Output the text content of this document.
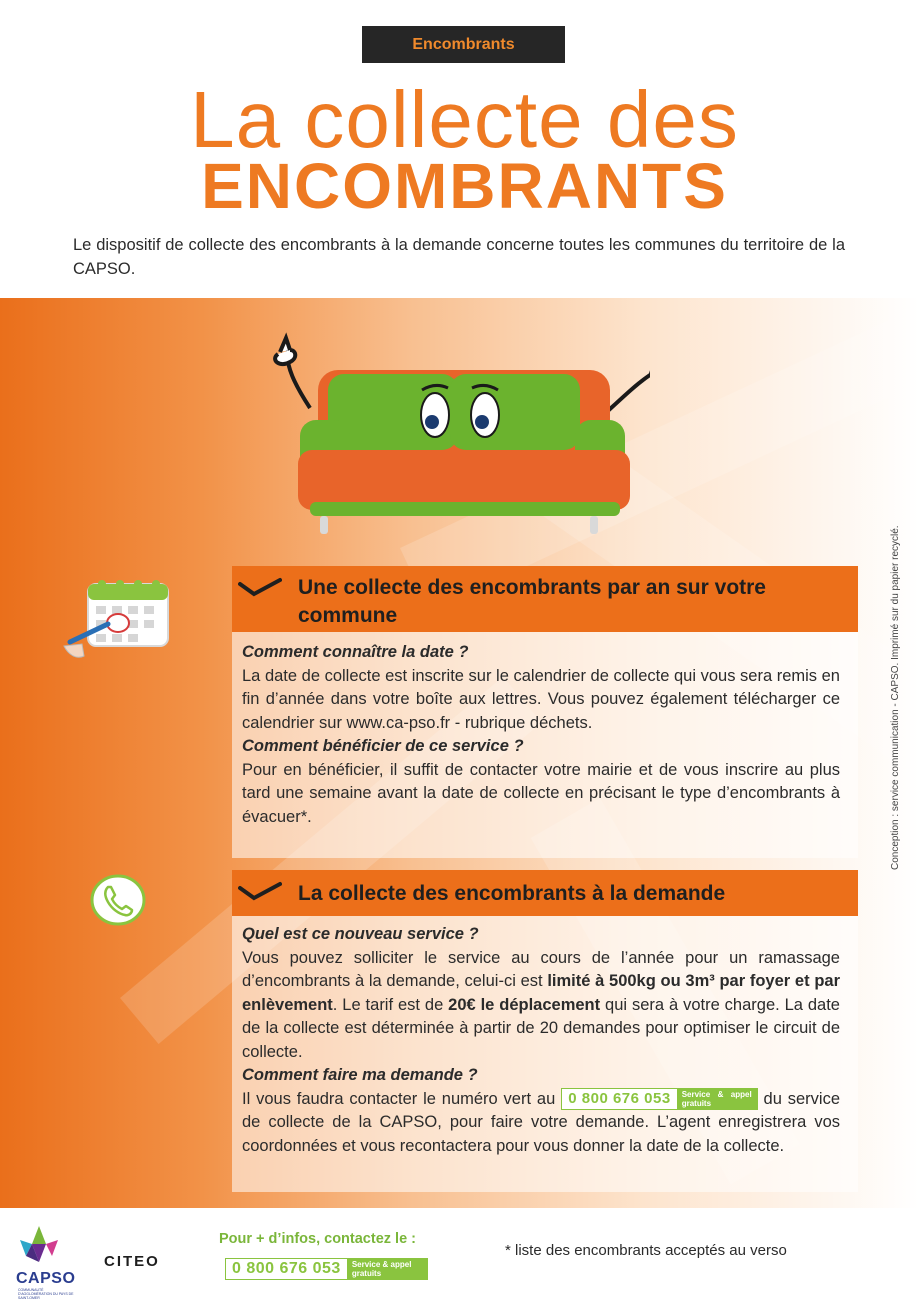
Encombrants
La collecte des
ENCOMBRANTS

Le dispositif de collecte des encombrants à la demande concerne toutes les communes du territoire de la CAPSO.

Une collecte des encombrants par an sur votre commune
Comment connaître la date ?
La date de collecte est inscrite sur le calendrier de collecte qui vous sera remis en fin d’année dans votre boîte aux lettres. Vous pouvez également télécharger ce calendrier sur www.ca-pso.fr - rubrique déchets.
Comment bénéficier de ce service ?
Pour en bénéficier, il suffit de contacter votre mairie et de vous inscrire au plus tard une semaine avant la date de collecte en précisant le type d’encombrants à évacuer*.
La collecte des encombrants à la demande
Quel est ce nouveau service ?
Vous pouvez solliciter le service au cours de l’année pour un ramassage d’encombrants à la demande, celui-ci est limité à 500kg ou 3m³ par foyer et par enlèvement. Le tarif est de 20€ le déplacement qui sera à votre charge. La date de la collecte est déterminée à partir de 20 demandes pour optimiser le circuit de collecte.
Comment faire ma demande ?
Il vous faudra contacter le numéro vert au 0 800 676 053	Service & appel gratuits	du service de collecte de la CAPSO, pour faire votre demande. L’agent enregistrera vos coordonnées et vous recontactera pour vous donner la date de la collecte.
Conception : service communication - CAPSO. Imprimé sur du papier recyclé.
CAPSO
COMMUNAUTÉ D'AGGLOMÉRATION DU PAYS DE SAINT-OMER
CITEO
Pour + d’infos, contactez le :
0 800 676 053	Service & appel gratuits
* liste des encombrants acceptés au verso
